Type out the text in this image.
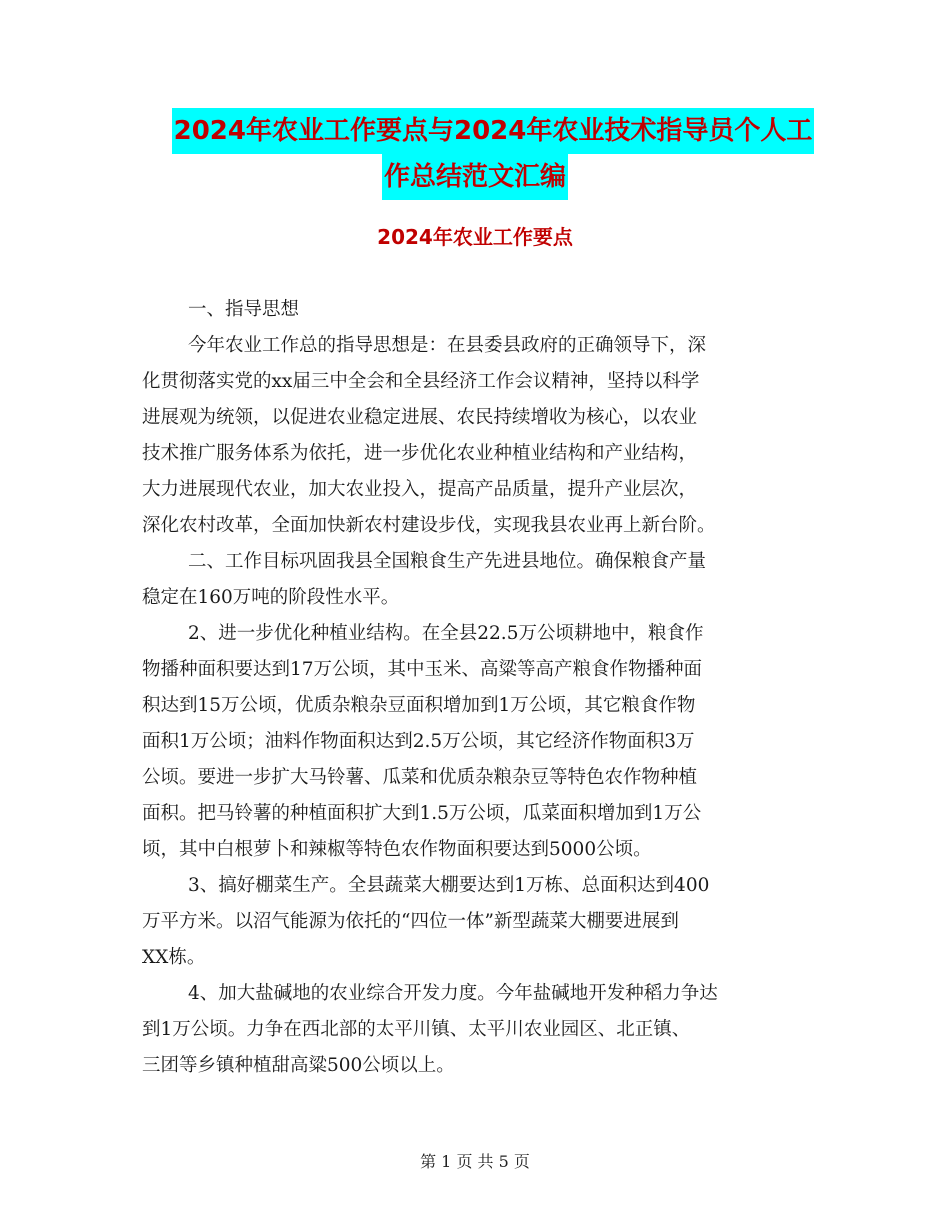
2024年农业工作要点与2024年农业技术指导员个人工
作总结范文汇编
2024年农业工作要点

一、指导思想

今年农业工作总的指导思想是：在县委县政府的正确领导下，深

化贯彻落实党的xx届三中全会和全县经济工作会议精神，坚持以科学

进展观为统领，以促进农业稳定进展、农民持续增收为核心，以农业

技术推广服务体系为依托，进一步优化农业种植业结构和产业结构，

大力进展现代农业，加大农业投入，提高产品质量，提升产业层次，

深化农村改革，全面加快新农村建设步伐，实现我县农业再上新台阶。

二、工作目标巩固我县全国粮食生产先进县地位。确保粮食产量

稳定在160万吨的阶段性水平。

2、进一步优化种植业结构。在全县22.5万公顷耕地中，粮食作

物播种面积要达到17万公顷，其中玉米、高粱等高产粮食作物播种面

积达到15万公顷，优质杂粮杂豆面积增加到1万公顷，其它粮食作物

面积1万公顷；油料作物面积达到2.5万公顷，其它经济作物面积3万

公顷。要进一步扩大马铃薯、瓜菜和优质杂粮杂豆等特色农作物种植

面积。把马铃薯的种植面积扩大到1.5万公顷，瓜菜面积增加到1万公

顷，其中白根萝卜和辣椒等特色农作物面积要达到5000公顷。

3、搞好棚菜生产。全县蔬菜大棚要达到1万栋、总面积达到400

万平方米。以沼气能源为依托的“四位一体”新型蔬菜大棚要进展到

XX栋。

4、加大盐碱地的农业综合开发力度。今年盐碱地开发种稻力争达

到1万公顷。力争在西北部的太平川镇、太平川农业园区、北正镇、

三团等乡镇种植甜高粱500公顷以上。

第 1 页 共 5 页
